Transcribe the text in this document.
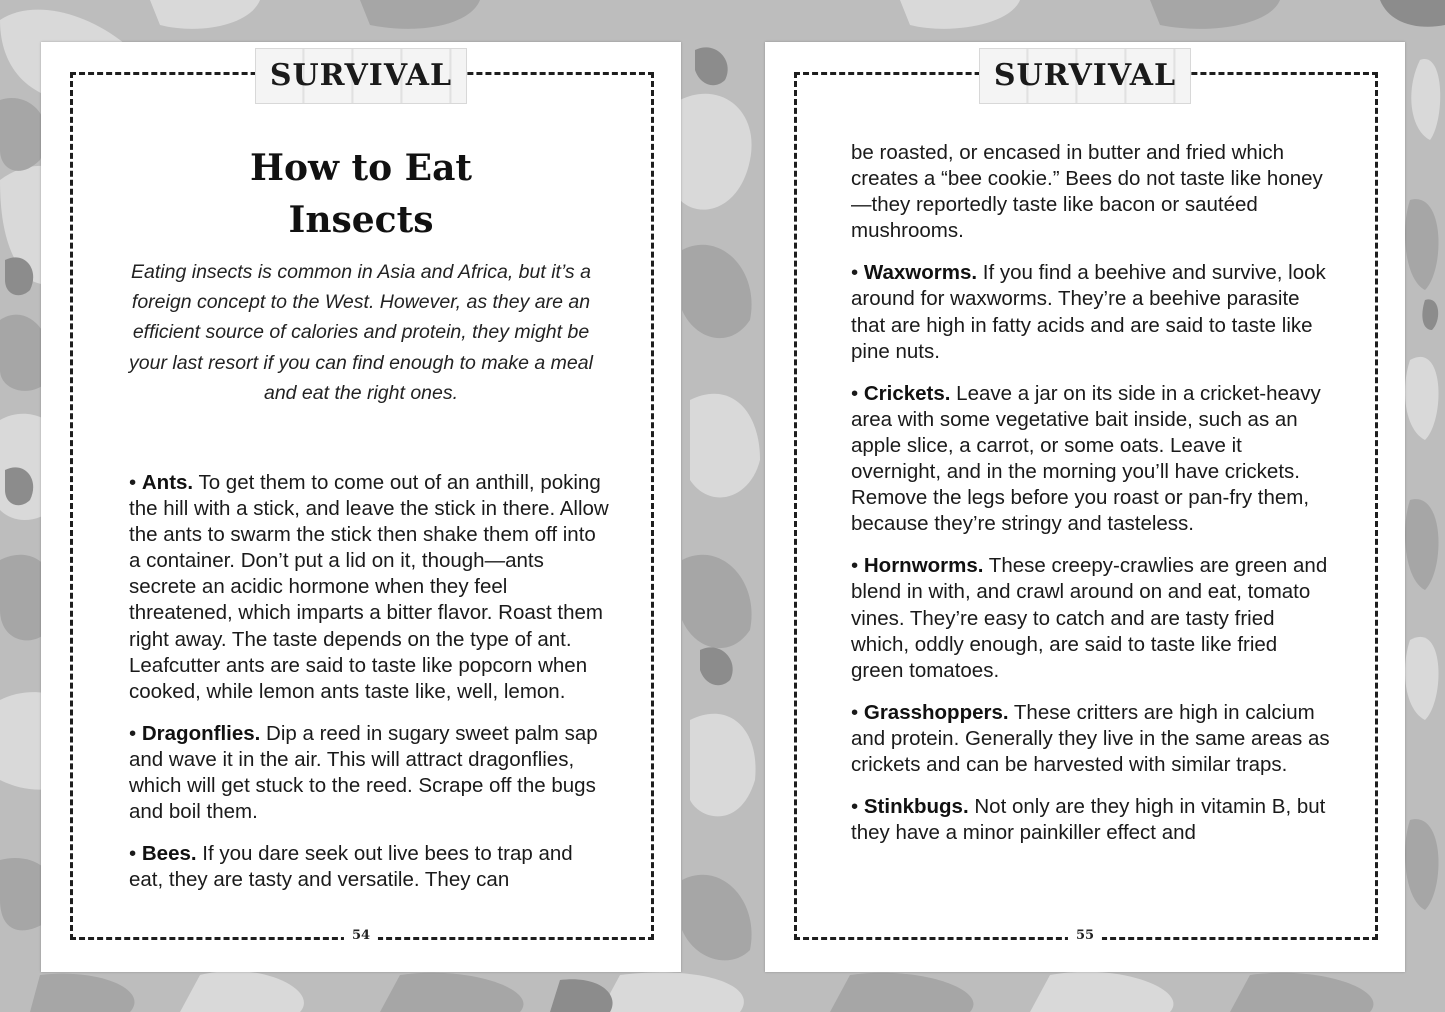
SURVIVAL
How to Eat
Insects

Eating insects is common in Asia and Africa, but it’s a foreign concept to the West. However, as they are an efficient source of calories and protein, they might be your last resort if you can find enough to make a meal and eat the right ones.

• Ants. To get them to come out of an anthill, poking the hill with a stick, and leave the stick in there. Allow the ants to swarm the stick then shake them off into a container. Don’t put a lid on it, though—ants secrete an acidic hormone when they feel threatened, which imparts a bitter flavor. Roast them right away. The taste depends on the type of ant. Leafcutter ants are said to taste like popcorn when cooked, while lemon ants taste like, well, lemon.

• Dragonflies. Dip a reed in sugary sweet palm sap and wave it in the air. This will attract dragonflies, which will get stuck to the reed. Scrape off the bugs and boil them.

• Bees. If you dare seek out live bees to trap and eat, they are tasty and versatile. They can

54
SURVIVAL

be roasted, or encased in butter and fried which creates a “bee cookie.” Bees do not taste like honey—they reportedly taste like bacon or sautéed mushrooms.

• Waxworms. If you find a beehive and survive, look around for waxworms. They’re a beehive parasite that are high in fatty acids and are said to taste like pine nuts.

• Crickets. Leave a jar on its side in a cricket-heavy area with some vegetative bait inside, such as an apple slice, a carrot, or some oats. Leave it overnight, and in the morning you’ll have crickets. Remove the legs before you roast or pan-fry them, because they’re stringy and tasteless.

• Hornworms. These creepy-crawlies are green and blend in with, and crawl around on and eat, tomato vines. They’re easy to catch and are tasty fried which, oddly enough, are said to taste like fried green tomatoes.

• Grasshoppers. These critters are high in calcium and protein. Generally they live in the same areas as crickets and can be harvested with similar traps.

• Stinkbugs. Not only are they high in vitamin B, but they have a minor painkiller effect and

55
